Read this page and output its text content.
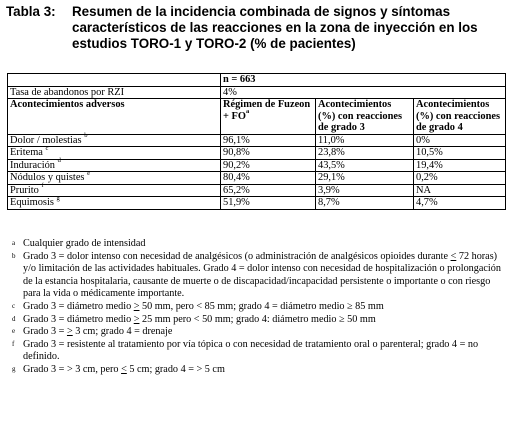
Tabla 3:	Resumen de la incidencia combinada de signos y síntomas característicos de las reacciones en la zona de inyección en los estudios TORO-1 y TORO-2 (% de pacientes)
	n = 663		
Tasa de abandonos por RZI	4%		
Acontecimientos adversos	Régimen de Fuzeon + $FO^a$	Acontecimientos (%) con reacciones de grado 3	Acontecimientos (%) con reacciones de grado 4
Dolor / molestias $^b$	96,1%	11,0%	0%
Eritema $^c$	90,8%	23,8%	10,5%
Induración $^d$	90,2%	43,5%	19,4%
Nódulos y quistes $^e$	80,4%	29,1%	0,2%
Prurito $^f$	65,2%	3,9%	NA
Equimosis $^g$	51,9%	8,7%	4,7%
a Cualquier grado de intensidad
b Grado 3 = dolor intenso con necesidad de analgésicos (o administración de analgésicos opioides durante < 72 horas) y/o limitación de las actividades habituales. Grado 4 = dolor intenso con necesidad de hospitalización o prolongación de la estancia hospitalaria, causante de muerte o de discapacidad/incapacidad persistente o importante o con riesgo para la vida o médicamente importante.
c Grado 3 = diámetro medio > 50 mm, pero < 85 mm; grado 4 = diámetro medio ≥ 85 mm
d Grado 3 = diámetro medio > 25 mm pero < 50 mm; grado 4: diámetro medio ≥ 50 mm
e Grado 3 = > 3 cm; grado 4 = drenaje
f Grado 3 = resistente al tratamiento por vía tópica o con necesidad de tratamiento oral o parenteral; grado 4 = no definido.
g Grado 3 = > 3 cm, pero < 5 cm; grado 4 = > 5 cm
